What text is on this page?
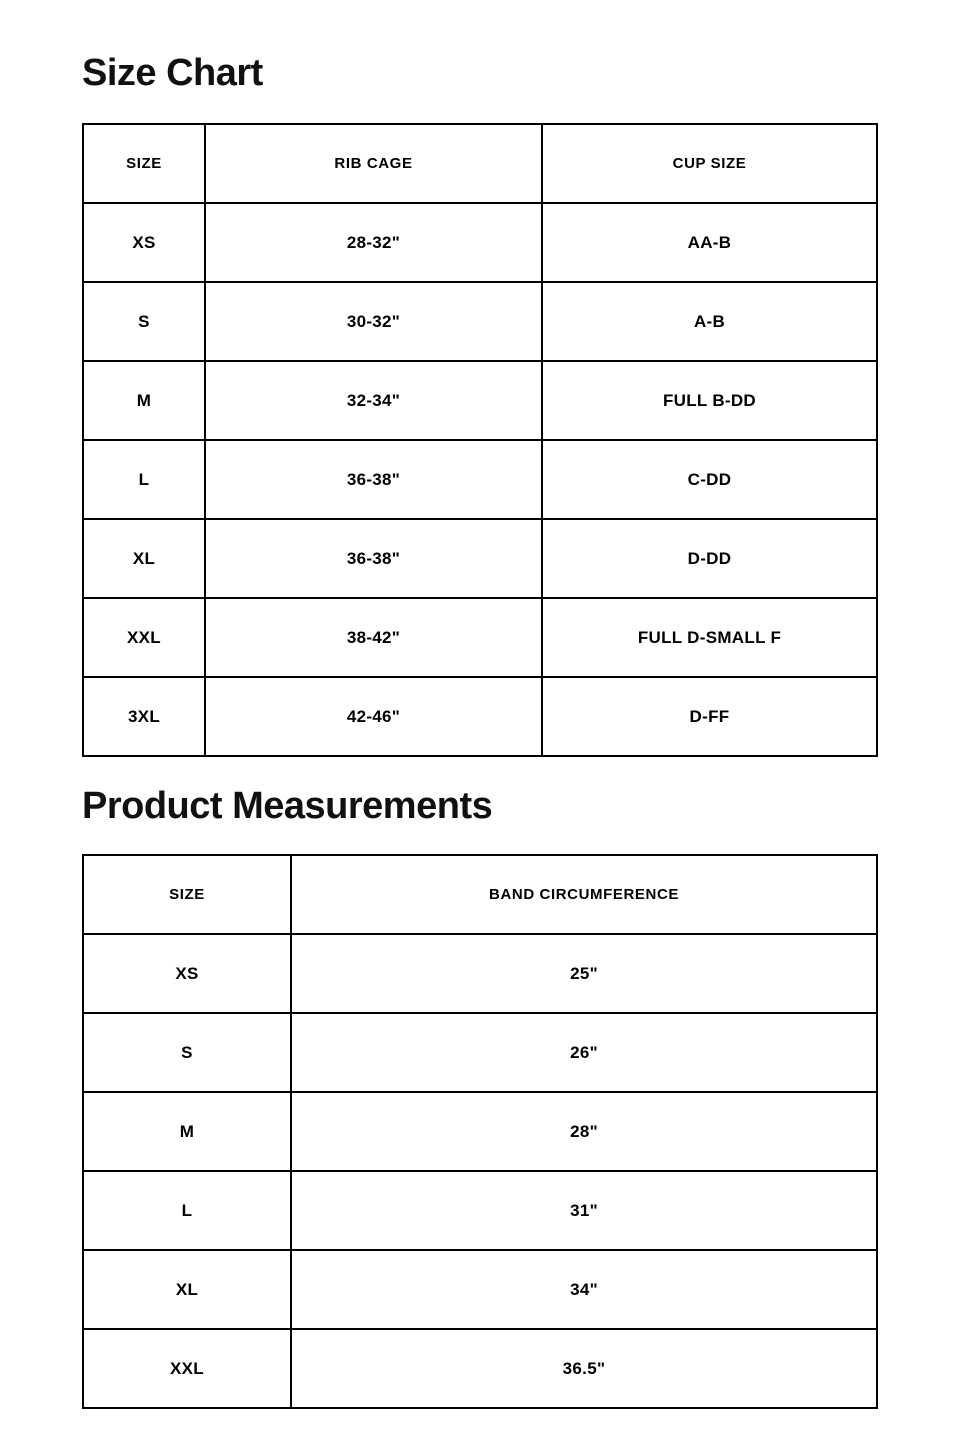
Size Chart
SIZE	RIB CAGE	CUP SIZE
XS	28-32"	AA-B
S	30-32"	A-B
M	32-34"	FULL B-DD
L	36-38"	C-DD
XL	36-38"	D-DD
XXL	38-42"	FULL D-SMALL F
3XL	42-46"	D-FF
Product Measurements
SIZE	BAND CIRCUMFERENCE
XS	25"
S	26"
M	28"
L	31"
XL	34"
XXL	36.5"
